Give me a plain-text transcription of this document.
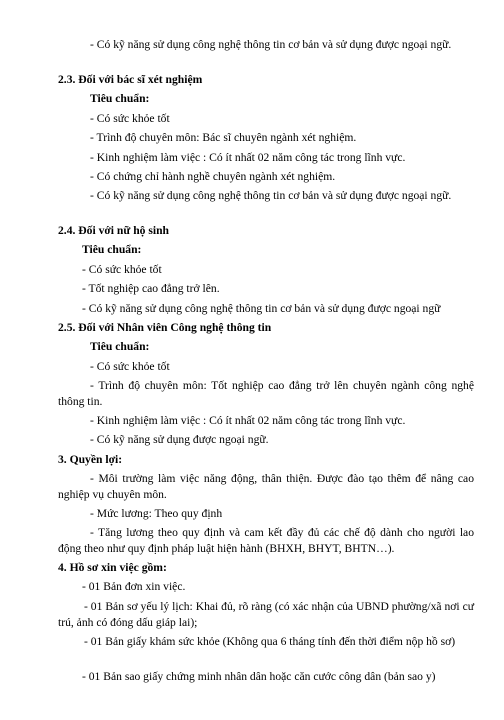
- Có kỹ năng sử dụng công nghệ thông tin cơ bản và sử dụng được ngoại ngữ.

2.3. Đối với bác sĩ xét nghiệm

Tiêu chuẩn:

- Có sức khỏe tốt

- Trình độ chuyên môn: Bác sĩ chuyên ngành xét nghiệm.

- Kinh nghiệm làm việc : Có ít nhất 02 năm công tác trong lĩnh vực.

- Có chứng chỉ hành nghề chuyên ngành xét nghiệm.

- Có kỹ năng sử dụng công nghệ thông tin cơ bản và sử dụng được ngoại ngữ.

2.4. Đối với nữ hộ sinh

Tiêu chuẩn:

- Có sức khỏe tốt

- Tốt nghiệp cao đẳng trở lên.

- Có kỹ năng sử dụng công nghệ thông tin cơ bản và sử dụng được ngoại ngữ

2.5. Đối với Nhân viên Công nghệ thông tin

Tiêu chuẩn:

- Có sức khỏe tốt

- Trình độ chuyên môn: Tốt nghiệp cao đẳng trở lên chuyên ngành công nghệ thông tin.

- Kinh nghiệm làm việc : Có ít nhất 02 năm công tác trong lĩnh vực.

- Có kỹ năng sử dụng được ngoại ngữ.

3. Quyền lợi:

- Môi trường làm việc năng động, thân thiện. Được đào tạo thêm để nâng cao nghiệp vụ chuyên môn.

- Mức lương: Theo quy định

- Tăng lương theo quy định và cam kết đầy đủ các chế độ dành cho người lao động theo như quy định pháp luật hiện hành (BHXH, BHYT, BHTN…).

4. Hồ sơ xin việc gồm:

- 01 Bản đơn xin việc.

- 01 Bản sơ yếu lý lịch: Khai đủ, rõ ràng (có xác nhận của UBND phường/xã nơi cư trú, ảnh có đóng dấu giáp lai);

- 01 Bản giấy khám sức khỏe (Không qua 6 tháng tính đến thời điểm nộp hồ sơ)

- 01 Bản sao giấy chứng minh nhân dân hoặc căn cước công dân (bản sao y)
